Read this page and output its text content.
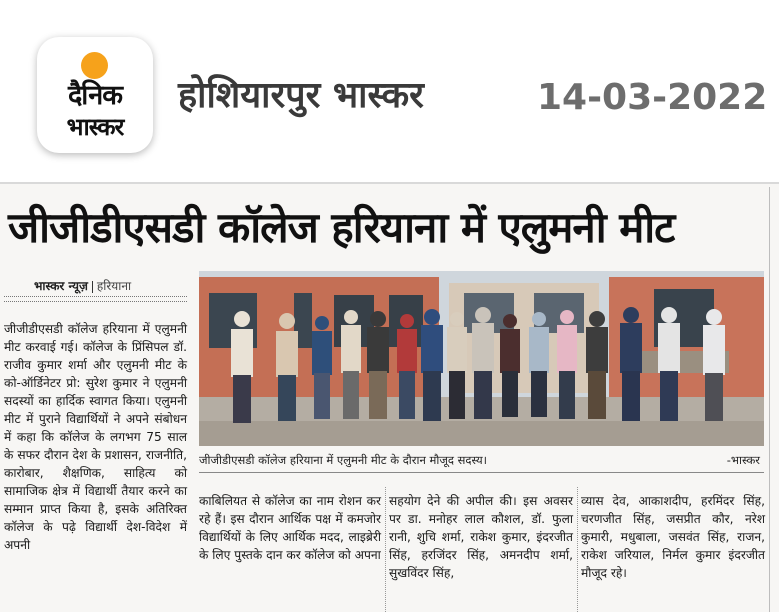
दैनिक
भास्कर
होशियारपुर भास्कर	14-03-2022
जीजीडीएसडी कॉलेज हरियाना में एलुमनी मीट
भास्कर न्यूज़ हरियाना
जीजीडीएसडी कॉलेज हरियाना में एलुमनी मीट करवाई गई। कॉलेज के प्रिंसिपल डॉ. राजीव कुमार शर्मा और एलुमनी मीट के को-ऑर्डिनेटर प्रो: सुरेश कुमार ने एलुमनी सदस्यों का हार्दिक स्वागत किया। एलुमनी मीट में पुराने विद्यार्थियों ने अपने संबोधन में कहा कि कॉलेज के लगभग 75 साल के सफर दौरान देश के प्रशासन, राजनीति, कारोबार, शैक्षणिक, साहित्य को सामाजिक क्षेत्र में विद्यार्थी तैयार करने का सम्मान प्राप्त किया है, इसके अतिरिक्त कॉलेज के पढ़े विद्यार्थी देश-विदेश में अपनी
जीजीडीएसडी कॉलेज हरियाना में एलुमनी मीट के दौरान मौजूद सदस्य।	-भास्कर
काबिलियत से कॉलेज का नाम रोशन कर रहे हैं। इस दौरान आर्थिक पक्ष में कमजोर विद्यार्थियों के लिए आर्थिक मदद, लाइब्रेरी के लिए पुस्तके दान कर कॉलेज को अपना
सहयोग देने की अपील की। इस अवसर पर डा. मनोहर लाल कौशल, डॉ. फुला रानी, शुचि शर्मा, राकेश कुमार, इंदरजीत सिंह, हरजिंदर सिंह, अमनदीप शर्मा, सुखविंदर सिंह,
व्यास देव, आकाशदीप, हरमिंदर सिंह, चरणजीत सिंह, जसप्रीत कौर, नरेश कुमारी, मधुबाला, जसवंत सिंह, राजन, राकेश जरियाल, निर्मल कुमार इंदरजीत मौजूद रहे।
